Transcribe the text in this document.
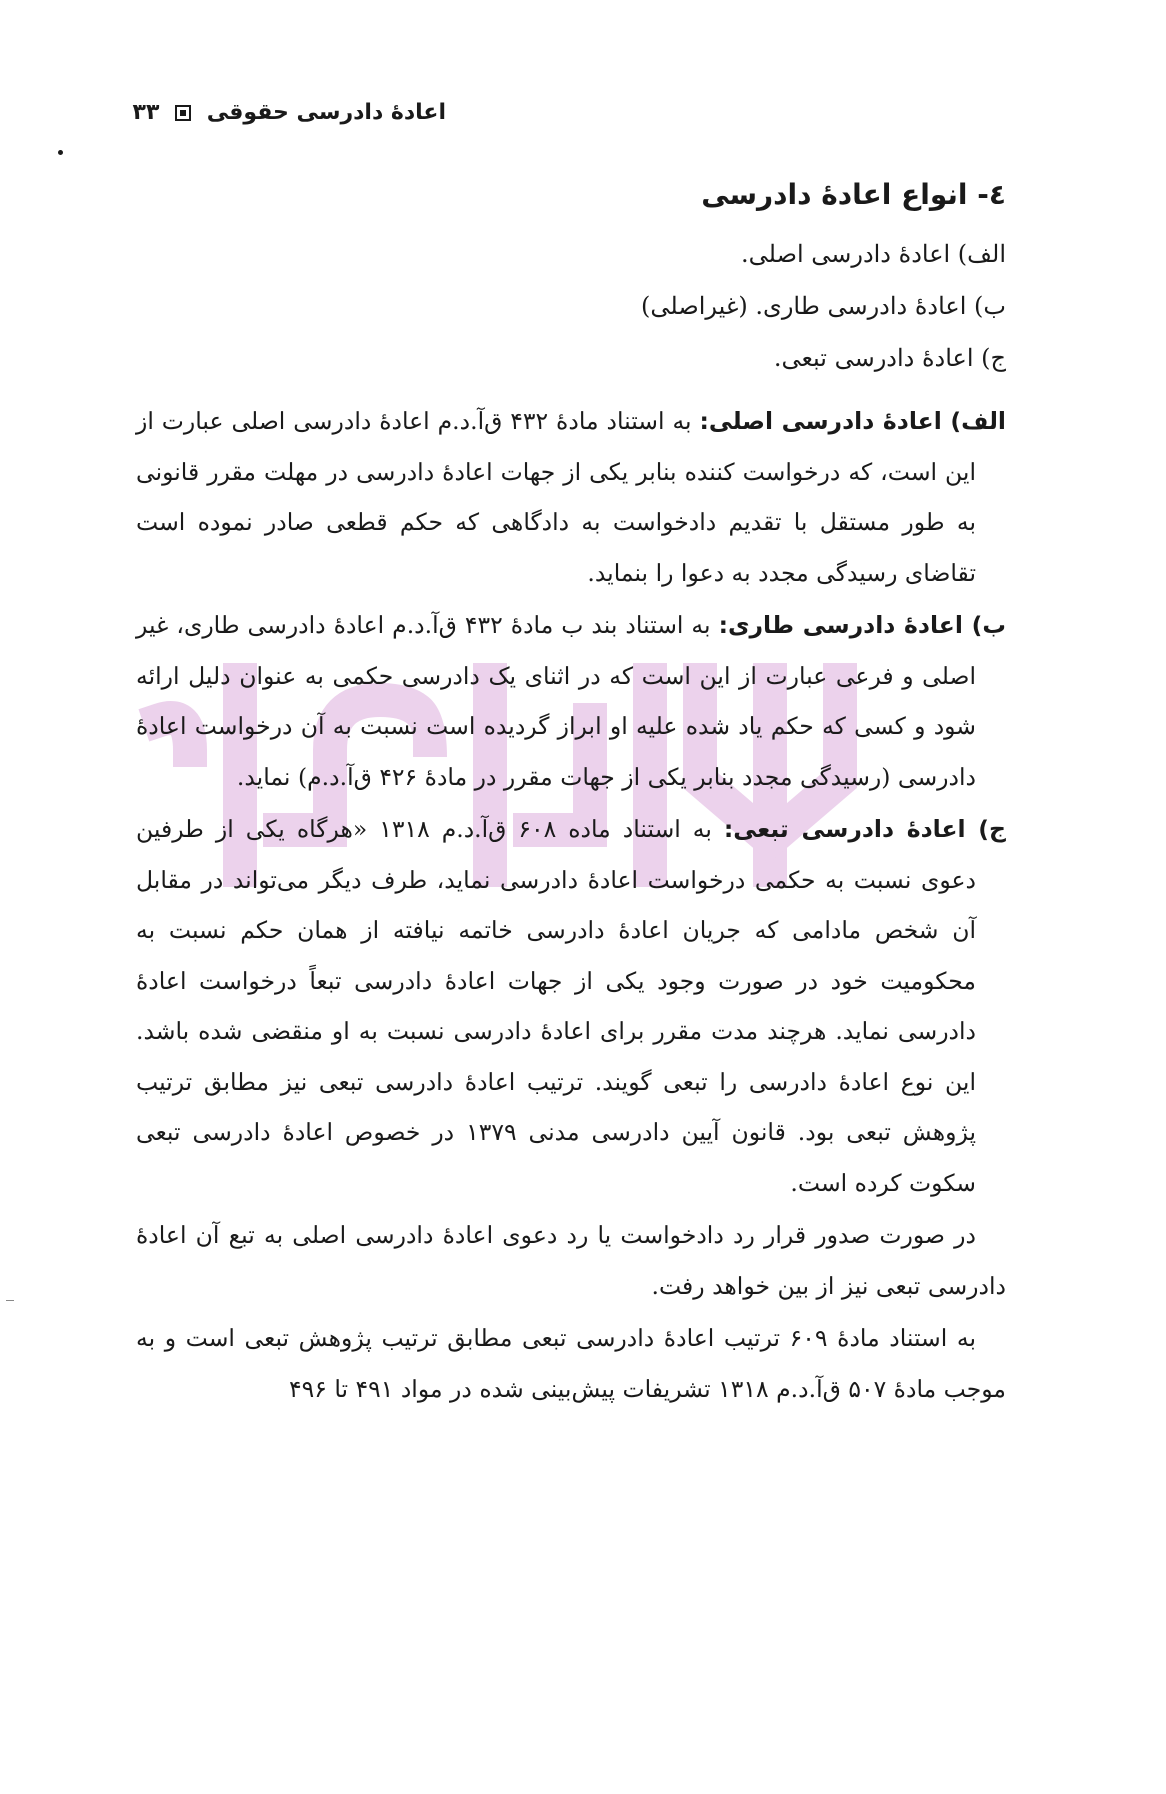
اعادهٔ دادرسی حقوقی  ۳۳
٤- انواع اعادهٔ دادرسی
الف) اعادهٔ دادرسی اصلی.
ب) اعادهٔ دادرسی طاری. (غیراصلی)
ج) اعادهٔ دادرسی تبعی.

الف) اعادهٔ دادرسی اصلی: به استناد مادهٔ ۴۳۲ ق‌آ.د.م اعادهٔ دادرسی اصلی عبارت از این است، که درخواست کننده بنابر یکی از جهات اعادهٔ دادرسی در مهلت مقرر قانونی به طور مستقل با تقدیم دادخواست به دادگاهی که حکم قطعی صادر نموده است تقاضای رسیدگی مجدد به دعوا را بنماید.

ب) اعادهٔ دادرسی طاری: به استناد بند ب مادهٔ ۴۳۲ ق‌آ.د.م اعادهٔ دادرسی طاری، غیر اصلی و فرعی عبارت از این است که در اثنای یک دادرسی حکمی به عنوان دلیل ارائه شود و کسی که حکم یاد شده علیه او ابراز گردیده است نسبت به آن درخواست اعادهٔ دادرسی (رسیدگی مجدد بنابر یکی از جهات مقرر در مادهٔ ۴۲۶ ق‌آ.د.م) نماید.

ج) اعادهٔ دادرسی تبعی: به استناد ماده ۶۰۸ ق‌آ.د.م ۱۳۱۸ «هرگاه یکی از طرفین دعوی نسبت به حکمی درخواست اعادهٔ دادرسی نماید، طرف دیگر می‌تواند در مقابل آن شخص مادامی که جریان اعادهٔ دادرسی خاتمه نیافته از همان حکم نسبت به محکومیت خود در صورت وجود یکی از جهات اعادهٔ دادرسی تبعاً درخواست اعادهٔ دادرسی نماید. هرچند مدت مقرر برای اعادهٔ دادرسی نسبت به او منقضی شده باشد. این نوع اعادهٔ دادرسی را تبعی گویند. ترتیب اعادهٔ دادرسی تبعی نیز مطابق ترتیب پژوهش تبعی بود. قانون آیین دادرسی مدنی ۱۳۷۹ در خصوص اعادهٔ دادرسی تبعی سکوت کرده است.

در صورت صدور قرار رد دادخواست یا رد دعوی اعادهٔ دادرسی اصلی به تبع آن اعادهٔ دادرسی تبعی نیز از بین خواهد رفت.

به استناد مادهٔ ۶۰۹ ترتیب اعادهٔ دادرسی تبعی مطابق ترتیب پژوهش تبعی است و به موجب مادهٔ ۵۰۷ ق‌آ.د.م ۱۳۱۸ تشریفات پیش‌بینی شده در مواد ۴۹۱ تا ۴۹۶
